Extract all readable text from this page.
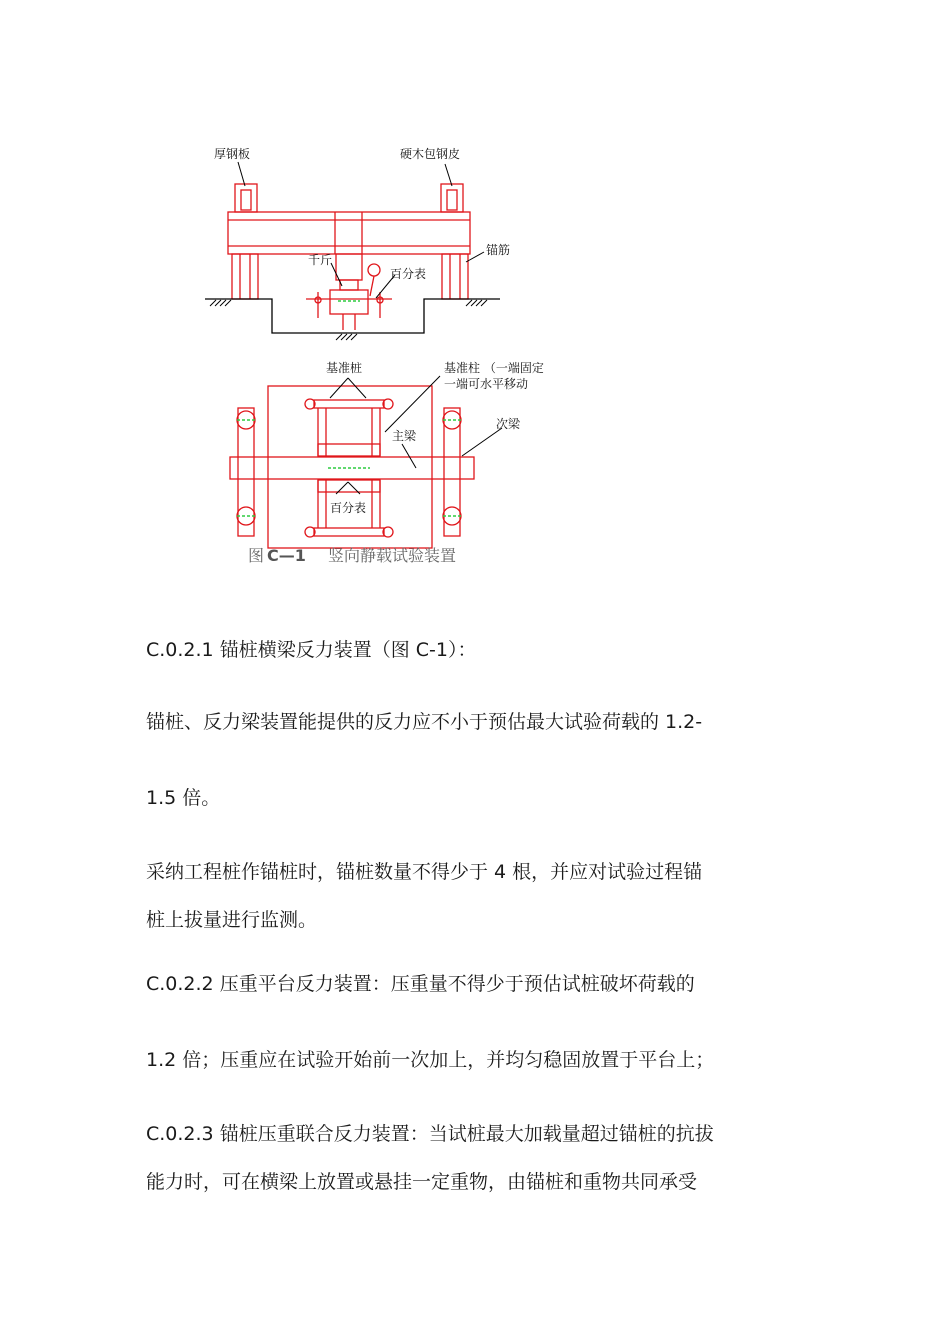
厚钢板	硬木包钢皮
锚筋
千斤
百分表
基准桩	基准柱 （一端固定
一端可水平移动
主梁
次梁
百分表
图 C—1 竖向静载试验装置

C.0.2.1 锚桩横梁反力装置（图 C-1）：

锚桩、反力梁装置能提供的反力应不小于预估最大试验荷载的 1.2-

1.5 倍。

采纳工程桩作锚桩时，锚桩数量不得少于 4 根，并应对试验过程锚

桩上拔量进行监测。

C.0.2.2 压重平台反力装置：压重量不得少于预估试桩破坏荷载的

1.2 倍；压重应在试验开始前一次加上，并均匀稳固放置于平台上；

C.0.2.3 锚桩压重联合反力装置：当试桩最大加载量超过锚桩的抗拔

能力时，可在横梁上放置或悬挂一定重物，由锚桩和重物共同承受
